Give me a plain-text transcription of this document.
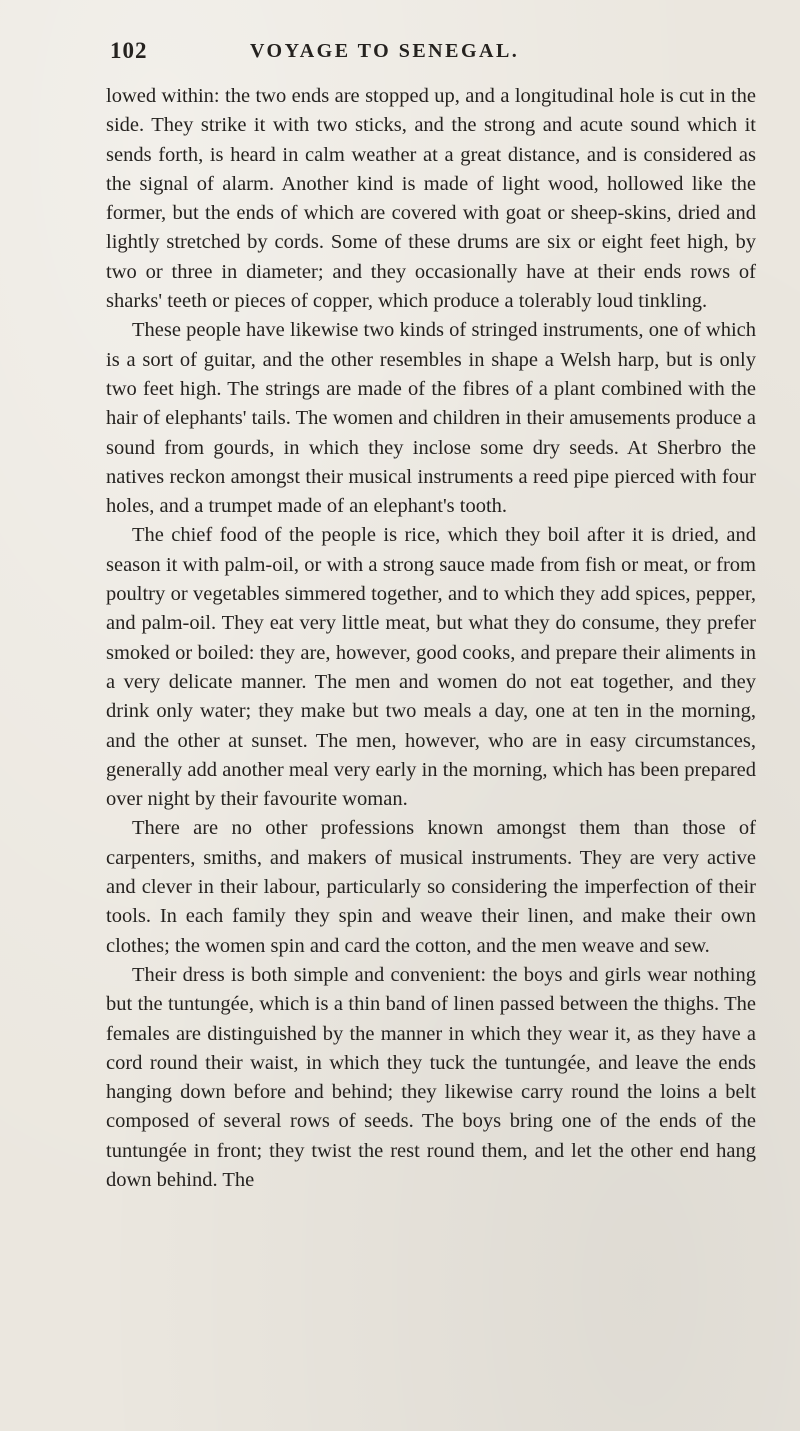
102	VOYAGE TO SENEGAL.

lowed within: the two ends are stopped up, and a longitudinal hole is cut in the side. They strike it with two sticks, and the strong and acute sound which it sends forth, is heard in calm weather at a great distance, and is considered as the signal of alarm. Another kind is made of light wood, hollowed like the former, but the ends of which are covered with goat or sheep-skins, dried and lightly stretched by cords. Some of these drums are six or eight feet high, by two or three in diameter; and they occasionally have at their ends rows of sharks' teeth or pieces of copper, which produce a tolerably loud tinkling.

These people have likewise two kinds of stringed instruments, one of which is a sort of guitar, and the other resembles in shape a Welsh harp, but is only two feet high. The strings are made of the fibres of a plant combined with the hair of elephants' tails. The women and children in their amusements produce a sound from gourds, in which they inclose some dry seeds. At Sherbro the natives reckon amongst their musical instruments a reed pipe pierced with four holes, and a trumpet made of an elephant's tooth.

The chief food of the people is rice, which they boil after it is dried, and season it with palm-oil, or with a strong sauce made from fish or meat, or from poultry or vegetables simmered together, and to which they add spices, pepper, and palm-oil. They eat very little meat, but what they do consume, they prefer smoked or boiled: they are, however, good cooks, and prepare their aliments in a very delicate manner. The men and women do not eat together, and they drink only water; they make but two meals a day, one at ten in the morning, and the other at sunset. The men, however, who are in easy circumstances, generally add another meal very early in the morning, which has been prepared over night by their favourite woman.

There are no other professions known amongst them than those of carpenters, smiths, and makers of musical instruments. They are very active and clever in their labour, particularly so considering the imperfection of their tools. In each family they spin and weave their linen, and make their own clothes; the women spin and card the cotton, and the men weave and sew.

Their dress is both simple and convenient: the boys and girls wear nothing but the tuntungée, which is a thin band of linen passed between the thighs. The females are distinguished by the manner in which they wear it, as they have a cord round their waist, in which they tuck the tuntungée, and leave the ends hanging down before and behind; they likewise carry round the loins a belt composed of several rows of seeds. The boys bring one of the ends of the tuntungée in front; they twist the rest round them, and let the other end hang down behind. The
